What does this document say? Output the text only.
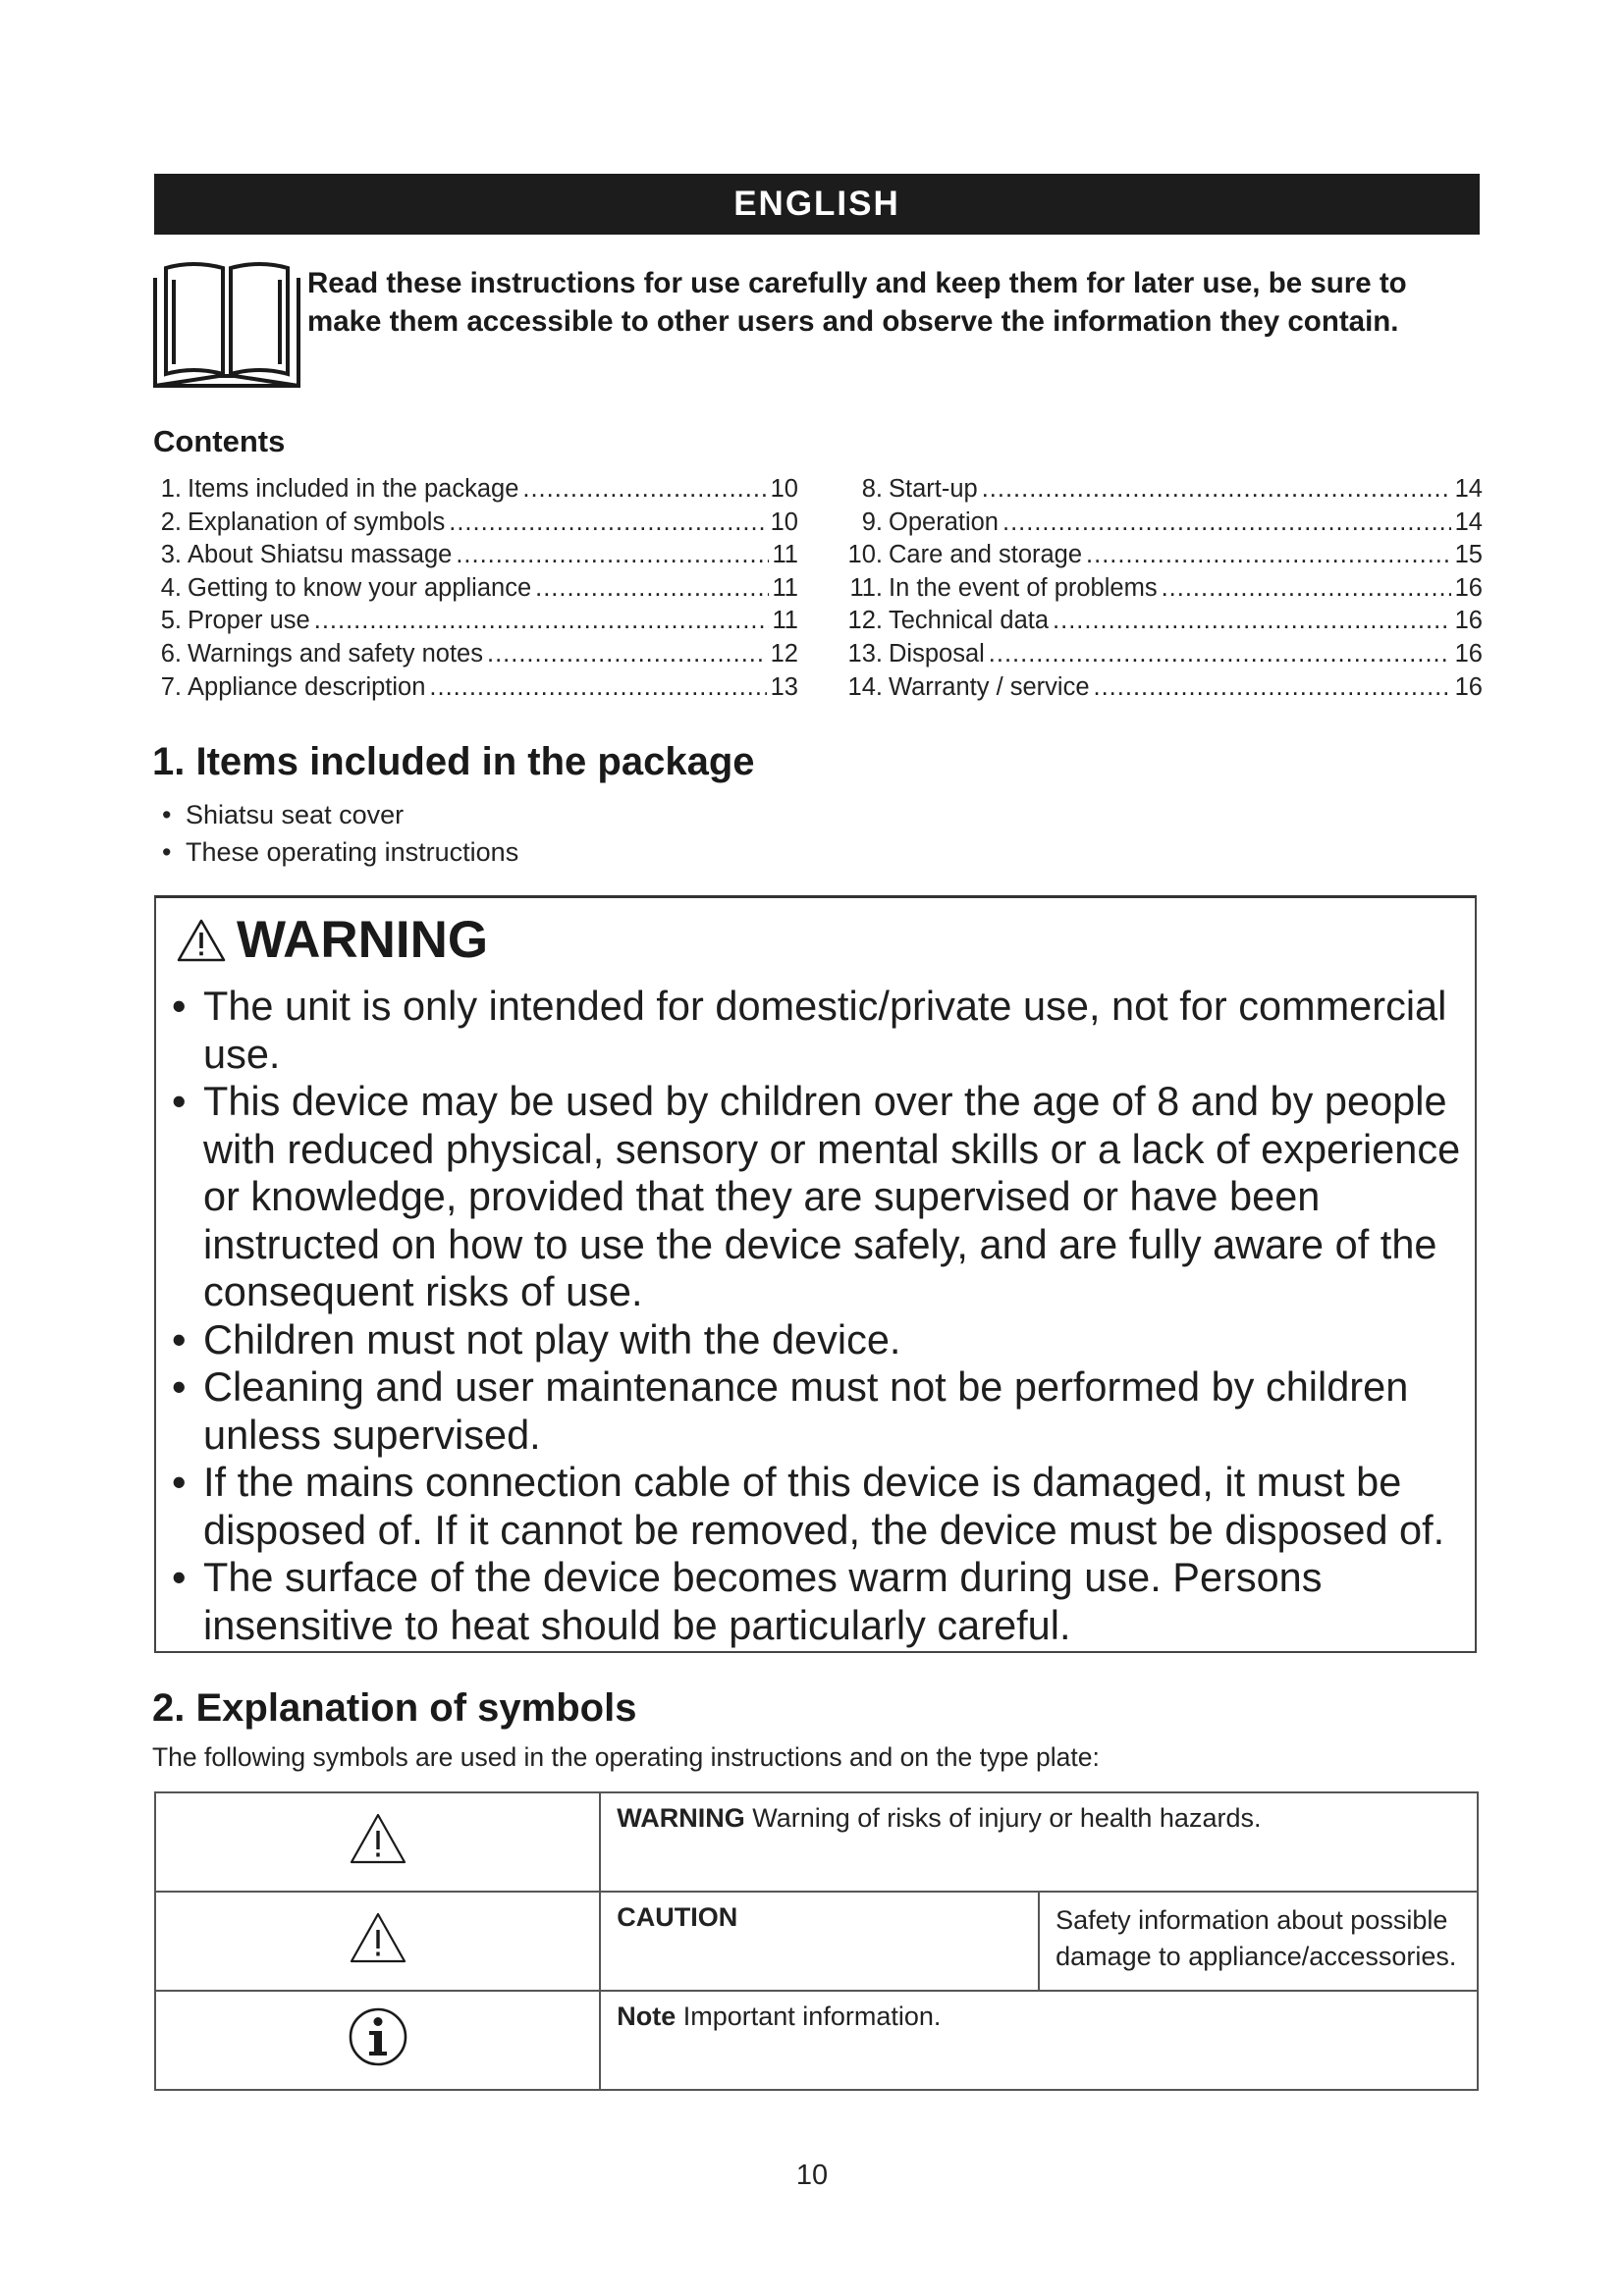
ENGLISH
Read these instructions for use carefully and keep them for later use, be sure to make them accessible to other users and observe the information they contain.
Contents
1. Items included in the package .....	10
2. Explanation of symbols .....	10
3. About Shiatsu massage .....	11
4. Getting to know your appliance .....	11
5. Proper use .....	11
6. Warnings and safety notes .....	12
7. Appliance description .....	13
8. Start-up .....	14
9. Operation .....	14
10. Care and storage .....	15
11. In the event of problems .....	16
12. Technical data .....	16
13. Disposal .....	16
14. Warranty / service .....	16
1. Items included in the package
• Shiatsu seat cover
• These operating instructions
WARNING
• The unit is only intended for domestic/private use, not for commercial use.
• This device may be used by children over the age of 8 and by people with reduced physical, sensory or mental skills or a lack of experience or knowledge, provided that they are supervised or have been instructed on how to use the device safely, and are fully aware of the consequent risks of use.
• Children must not play with the device.
• Cleaning and user maintenance must not be performed by children unless supervised.
• If the mains connection cable of this device is damaged, it must be disposed of. If it cannot be removed, the device must be disposed of.
• The surface of the device becomes warm during use. Persons insensitive to heat should be particularly careful.
2. Explanation of symbols
The following symbols are used in the operating instructions and on the type plate:
	WARNING Warning of risks of injury or health hazards.	
	CAUTION	Safety information about possible damage to appliance/accessories.
	Note Important information.	
10
